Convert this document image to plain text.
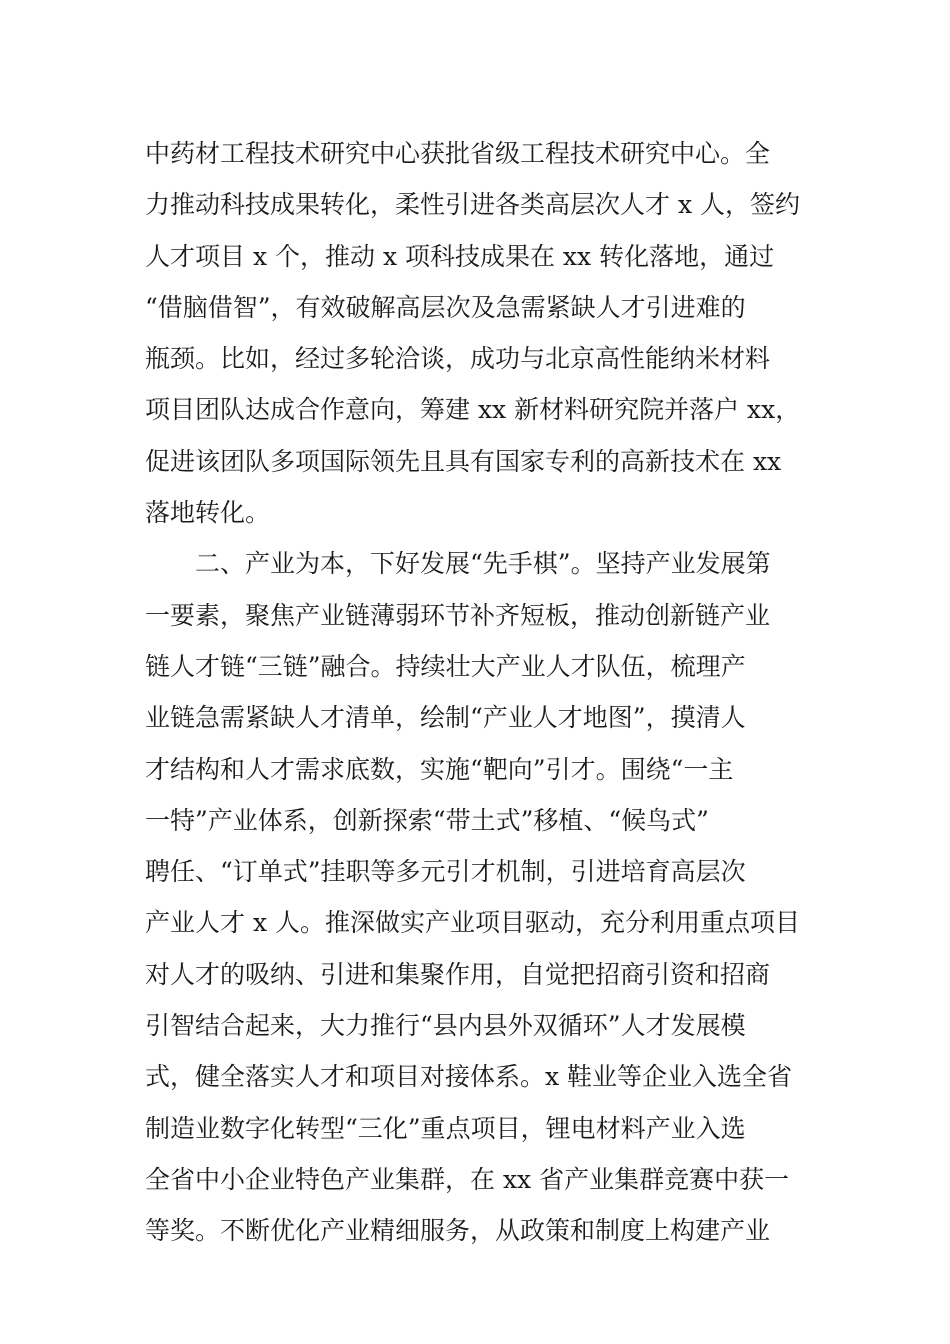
中药材工程技术研究中心获批省级工程技术研究中心。全
力推动科技成果转化，柔性引进各类高层次人才 x 人，签约
人才项目 x 个，推动 x 项科技成果在 xx 转化落地，通过
“借脑借智”，有效破解高层次及急需紧缺人才引进难的
瓶颈。比如，经过多轮洽谈，成功与北京高性能纳米材料
项目团队达成合作意向，筹建 xx 新材料研究院并落户 xx，
促进该团队多项国际领先且具有国家专利的高新技术在 xx
落地转化。
二、产业为本，下好发展“先手棋”。坚持产业发展第
一要素，聚焦产业链薄弱环节补齐短板，推动创新链产业
链人才链“三链”融合。持续壮大产业人才队伍，梳理产
业链急需紧缺人才清单，绘制“产业人才地图”，摸清人
才结构和人才需求底数，实施“靶向”引才。围绕“一主
一特”产业体系，创新探索“带土式”移植、“候鸟式”
聘任、“订单式”挂职等多元引才机制，引进培育高层次
产业人才 x 人。推深做实产业项目驱动，充分利用重点项目
对人才的吸纳、引进和集聚作用，自觉把招商引资和招商
引智结合起来，大力推行“县内县外双循环”人才发展模
式，健全落实人才和项目对接体系。x 鞋业等企业入选全省
制造业数字化转型“三化”重点项目，锂电材料产业入选
全省中小企业特色产业集群，在 xx 省产业集群竞赛中获一
等奖。不断优化产业精细服务，从政策和制度上构建产业
